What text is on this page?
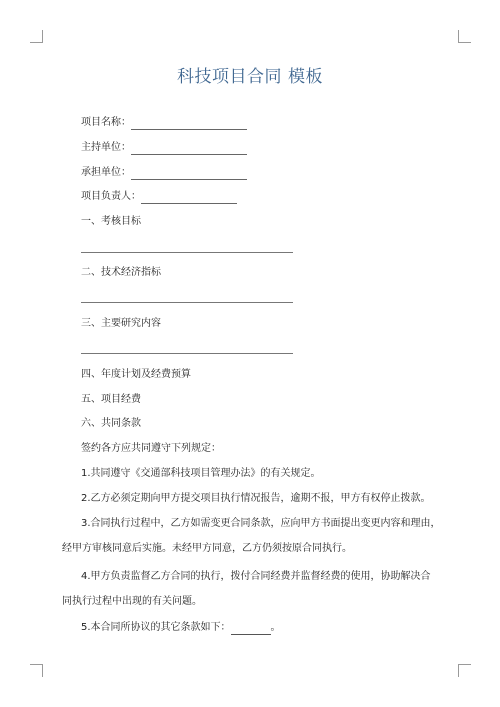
科技项目合同 模板
项目名称：
主持单位：
承担单位：
项目负责人：
一、考核目标
二、技术经济指标
三、主要研究内容
四、年度计划及经费预算
五、项目经费
六、共同条款
签约各方应共同遵守下列规定：
1.共同遵守《交通部科技项目管理办法》的有关规定。
2.乙方必须定期向甲方提交项目执行情况报告，逾期不报，甲方有权停止拨款。
3.合同执行过程中，乙方如需变更合同条款，应向甲方书面提出变更内容和理由，
经甲方审核同意后实施。未经甲方同意，乙方仍须按原合同执行。
4.甲方负责监督乙方合同的执行，拨付合同经费并监督经费的使用，协助解决合
同执行过程中出现的有关问题。
5.本合同所协议的其它条款如下：	。
